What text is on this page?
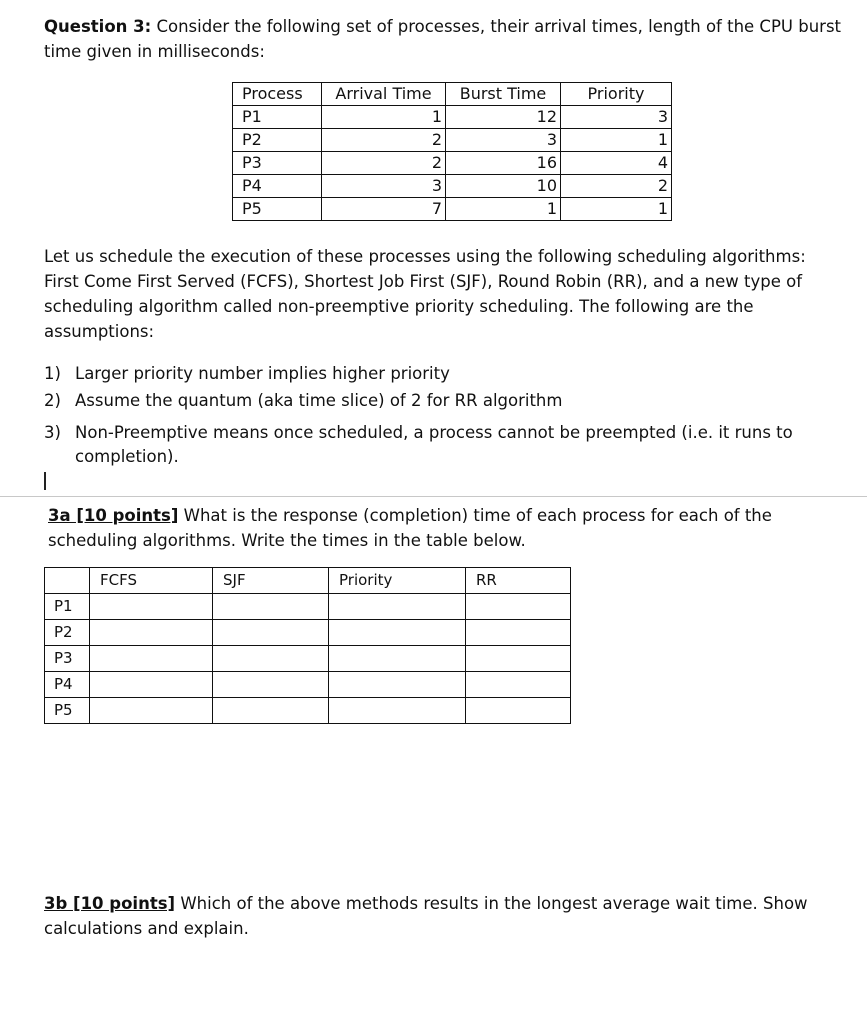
Question 3: Consider the following set of processes, their arrival times, length of the CPU burst time given in milliseconds:
Process	Arrival Time	Burst Time	Priority
P1	1	12	3
P2	2	3	1
P3	2	16	4
P4	3	10	2
P5	7	1	1
Let us schedule the execution of these processes using the following scheduling algorithms: First Come First Served (FCFS), Shortest Job First (SJF), Round Robin (RR), and a new type of scheduling algorithm called non-preemptive priority scheduling. The following are the assumptions:
1) Larger priority number implies higher priority
2) Assume the quantum (aka time slice) of 2 for RR algorithm
3) Non-Preemptive means once scheduled, a process cannot be preempted (i.e. it runs to completion).
3a [10 points] What is the response (completion) time of each process for each of the scheduling algorithms. Write the times in the table below.
	FCFS	SJF	Priority	RR
P1				
P2				
P3				
P4				
P5				
3b [10 points] Which of the above methods results in the longest average wait time. Show calculations and explain.
